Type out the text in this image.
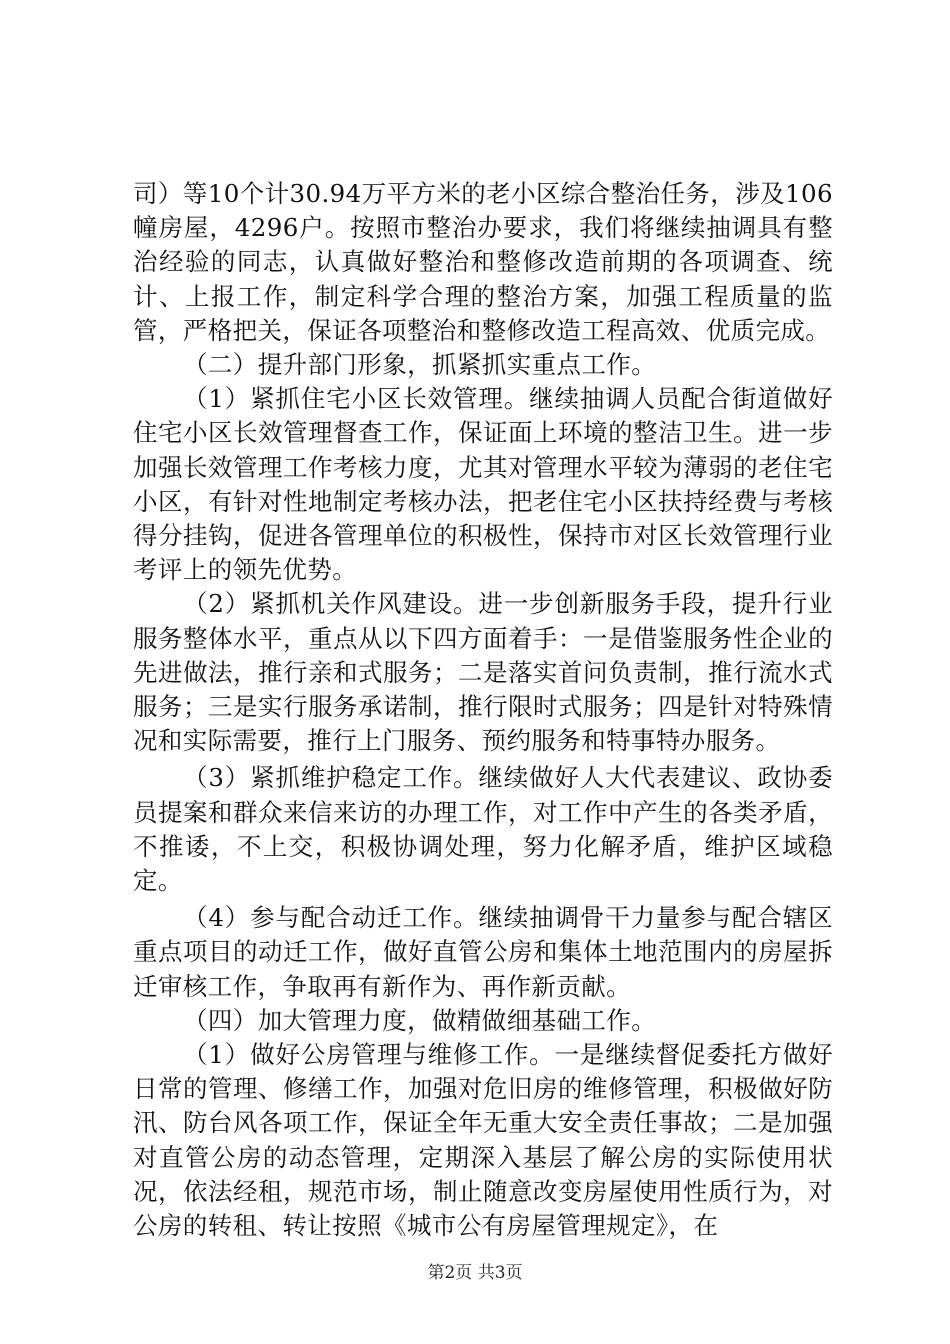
司）等10个计30.94万平方米的老小区综合整治任务，涉及106幢房屋，4296户。按照市整治办要求，我们将继续抽调具有整治经验的同志，认真做好整治和整修改造前期的各项调查、统计、上报工作，制定科学合理的整治方案，加强工程质量的监管，严格把关，保证各项整治和整修改造工程高效、优质完成。

（二）提升部门形象，抓紧抓实重点工作。

（1）紧抓住宅小区长效管理。继续抽调人员配合街道做好住宅小区长效管理督查工作，保证面上环境的整洁卫生。进一步加强长效管理工作考核力度，尤其对管理水平较为薄弱的老住宅小区，有针对性地制定考核办法，把老住宅小区扶持经费与考核得分挂钩，促进各管理单位的积极性，保持市对区长效管理行业考评上的领先优势。

（2）紧抓机关作风建设。进一步创新服务手段，提升行业服务整体水平，重点从以下四方面着手：一是借鉴服务性企业的先进做法，推行亲和式服务；二是落实首问负责制，推行流水式服务；三是实行服务承诺制，推行限时式服务；四是针对特殊情况和实际需要，推行上门服务、预约服务和特事特办服务。

（3）紧抓维护稳定工作。继续做好人大代表建议、政协委员提案和群众来信来访的办理工作，对工作中产生的各类矛盾，不推诿，不上交，积极协调处理，努力化解矛盾，维护区域稳定。

（4）参与配合动迁工作。继续抽调骨干力量参与配合辖区重点项目的动迁工作，做好直管公房和集体土地范围内的房屋拆迁审核工作，争取再有新作为、再作新贡献。

（四）加大管理力度，做精做细基础工作。

（1）做好公房管理与维修工作。一是继续督促委托方做好日常的管理、修缮工作，加强对危旧房的维修管理，积极做好防汛、防台风各项工作，保证全年无重大安全责任事故；二是加强对直管公房的动态管理，定期深入基层了解公房的实际使用状况，依法经租，规范市场，制止随意改变房屋使用性质行为，对公房的转租、转让按照《城市公有房屋管理规定》，在

第2页 共3页
